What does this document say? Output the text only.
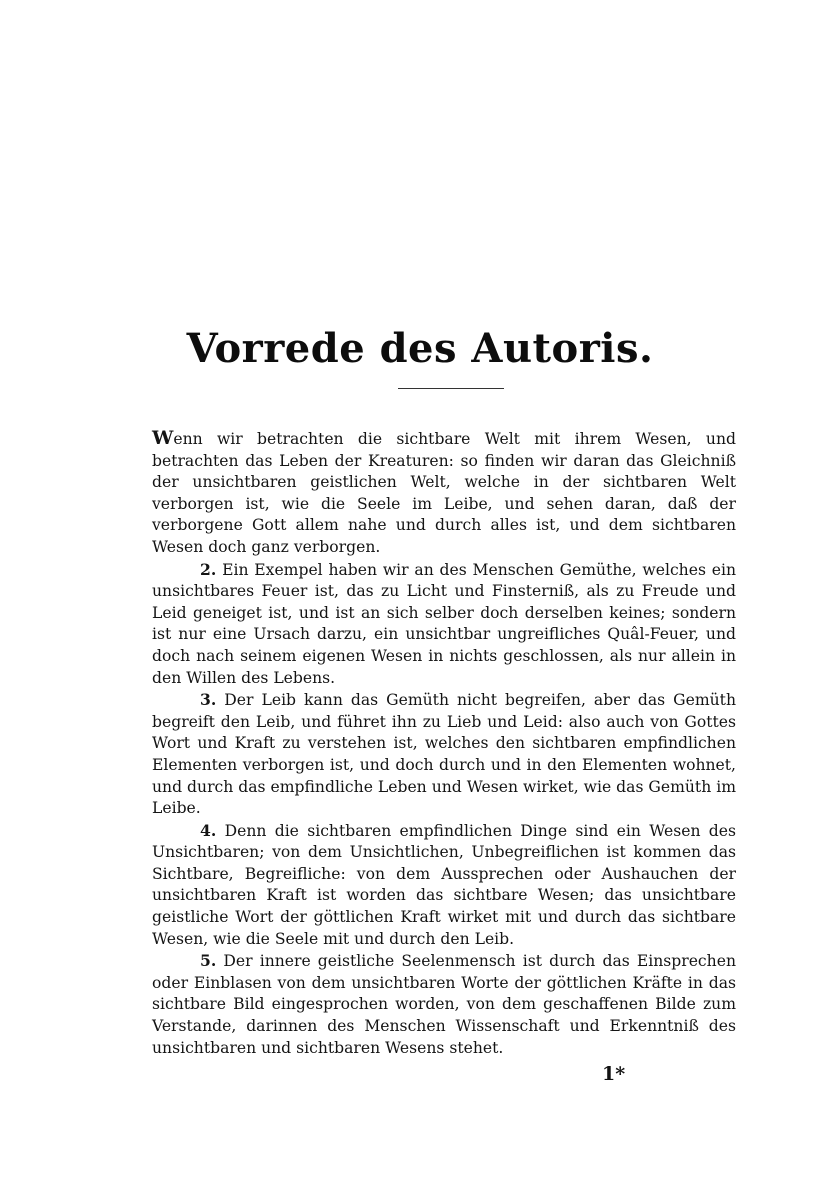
Vorrede des Autoris.

Wenn wir betrachten die sichtbare Welt mit ihrem Wesen, und betrachten das Leben der Kreaturen: so finden wir daran das Gleichniß der unsichtbaren geistlichen Welt, welche in der sichtbaren Welt verborgen ist, wie die Seele im Leibe, und sehen daran, daß der verborgene Gott allem nahe und durch alles ist, und dem sichtbaren Wesen doch ganz verborgen.

2. Ein Exempel haben wir an des Menschen Gemüthe, welches ein unsichtbares Feuer ist, das zu Licht und Finsterniß, als zu Freude und Leid geneiget ist, und ist an sich selber doch derselben keines; sondern ist nur eine Ursach darzu, ein unsichtbar ungreifliches Quâl-Feuer, und doch nach seinem eigenen Wesen in nichts geschlossen, als nur allein in den Willen des Lebens.

3. Der Leib kann das Gemüth nicht begreifen, aber das Gemüth begreift den Leib, und führet ihn zu Lieb und Leid: also auch von Gottes Wort und Kraft zu verstehen ist, welches den sichtbaren empfindlichen Elementen verborgen ist, und doch durch und in den Elementen wohnet, und durch das empfindliche Leben und Wesen wirket, wie das Gemüth im Leibe.

4. Denn die sichtbaren empfindlichen Dinge sind ein Wesen des Unsichtbaren; von dem Unsichtlichen, Unbegreiflichen ist kommen das Sichtbare, Begreifliche: von dem Aussprechen oder Aushauchen der unsichtbaren Kraft ist worden das sichtbare Wesen; das unsichtbare geistliche Wort der göttlichen Kraft wirket mit und durch das sichtbare Wesen, wie die Seele mit und durch den Leib.

5. Der innere geistliche Seelenmensch ist durch das Einsprechen oder Einblasen von dem unsichtbaren Worte der göttlichen Kräfte in das sichtbare Bild eingesprochen worden, von dem geschaffenen Bilde zum Verstande, darinnen des Menschen Wissenschaft und Erkenntniß des unsichtbaren und sichtbaren Wesens stehet.

1*
